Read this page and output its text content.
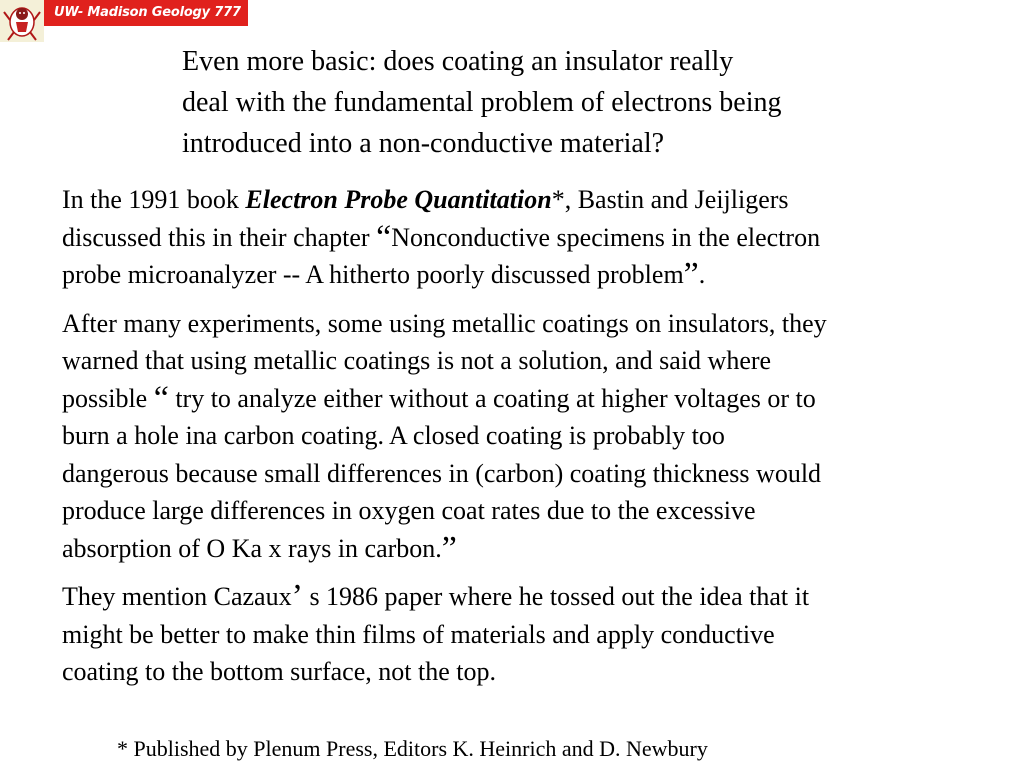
UW- Madison Geology 777
Even more basic: does coating an insulator really
deal with the fundamental problem of electrons being
introduced into a non-conductive material?

In the 1991 book Electron Probe Quantitation*, Bastin and Jeijligers
discussed this in their chapter “Nonconductive specimens in the electron
probe microanalyzer -- A hitherto poorly discussed problem”.

After many experiments, some using metallic coatings on insulators, they
warned that using metallic coatings is not a solution, and said where
possible “ try to analyze either without a coating at higher voltages or to
burn a hole ina carbon coating. A closed coating is probably too
dangerous because small differences in (carbon) coating thickness would
produce large differences in oxygen coat rates due to the excessive
absorption of O Ka x rays in carbon.”

They mention Cazaux’ s 1986 paper where he tossed out the idea that it
might be better to make thin films of materials and apply conductive
coating to the bottom surface, not the top.

* Published by Plenum Press, Editors K. Heinrich and D. Newbury
